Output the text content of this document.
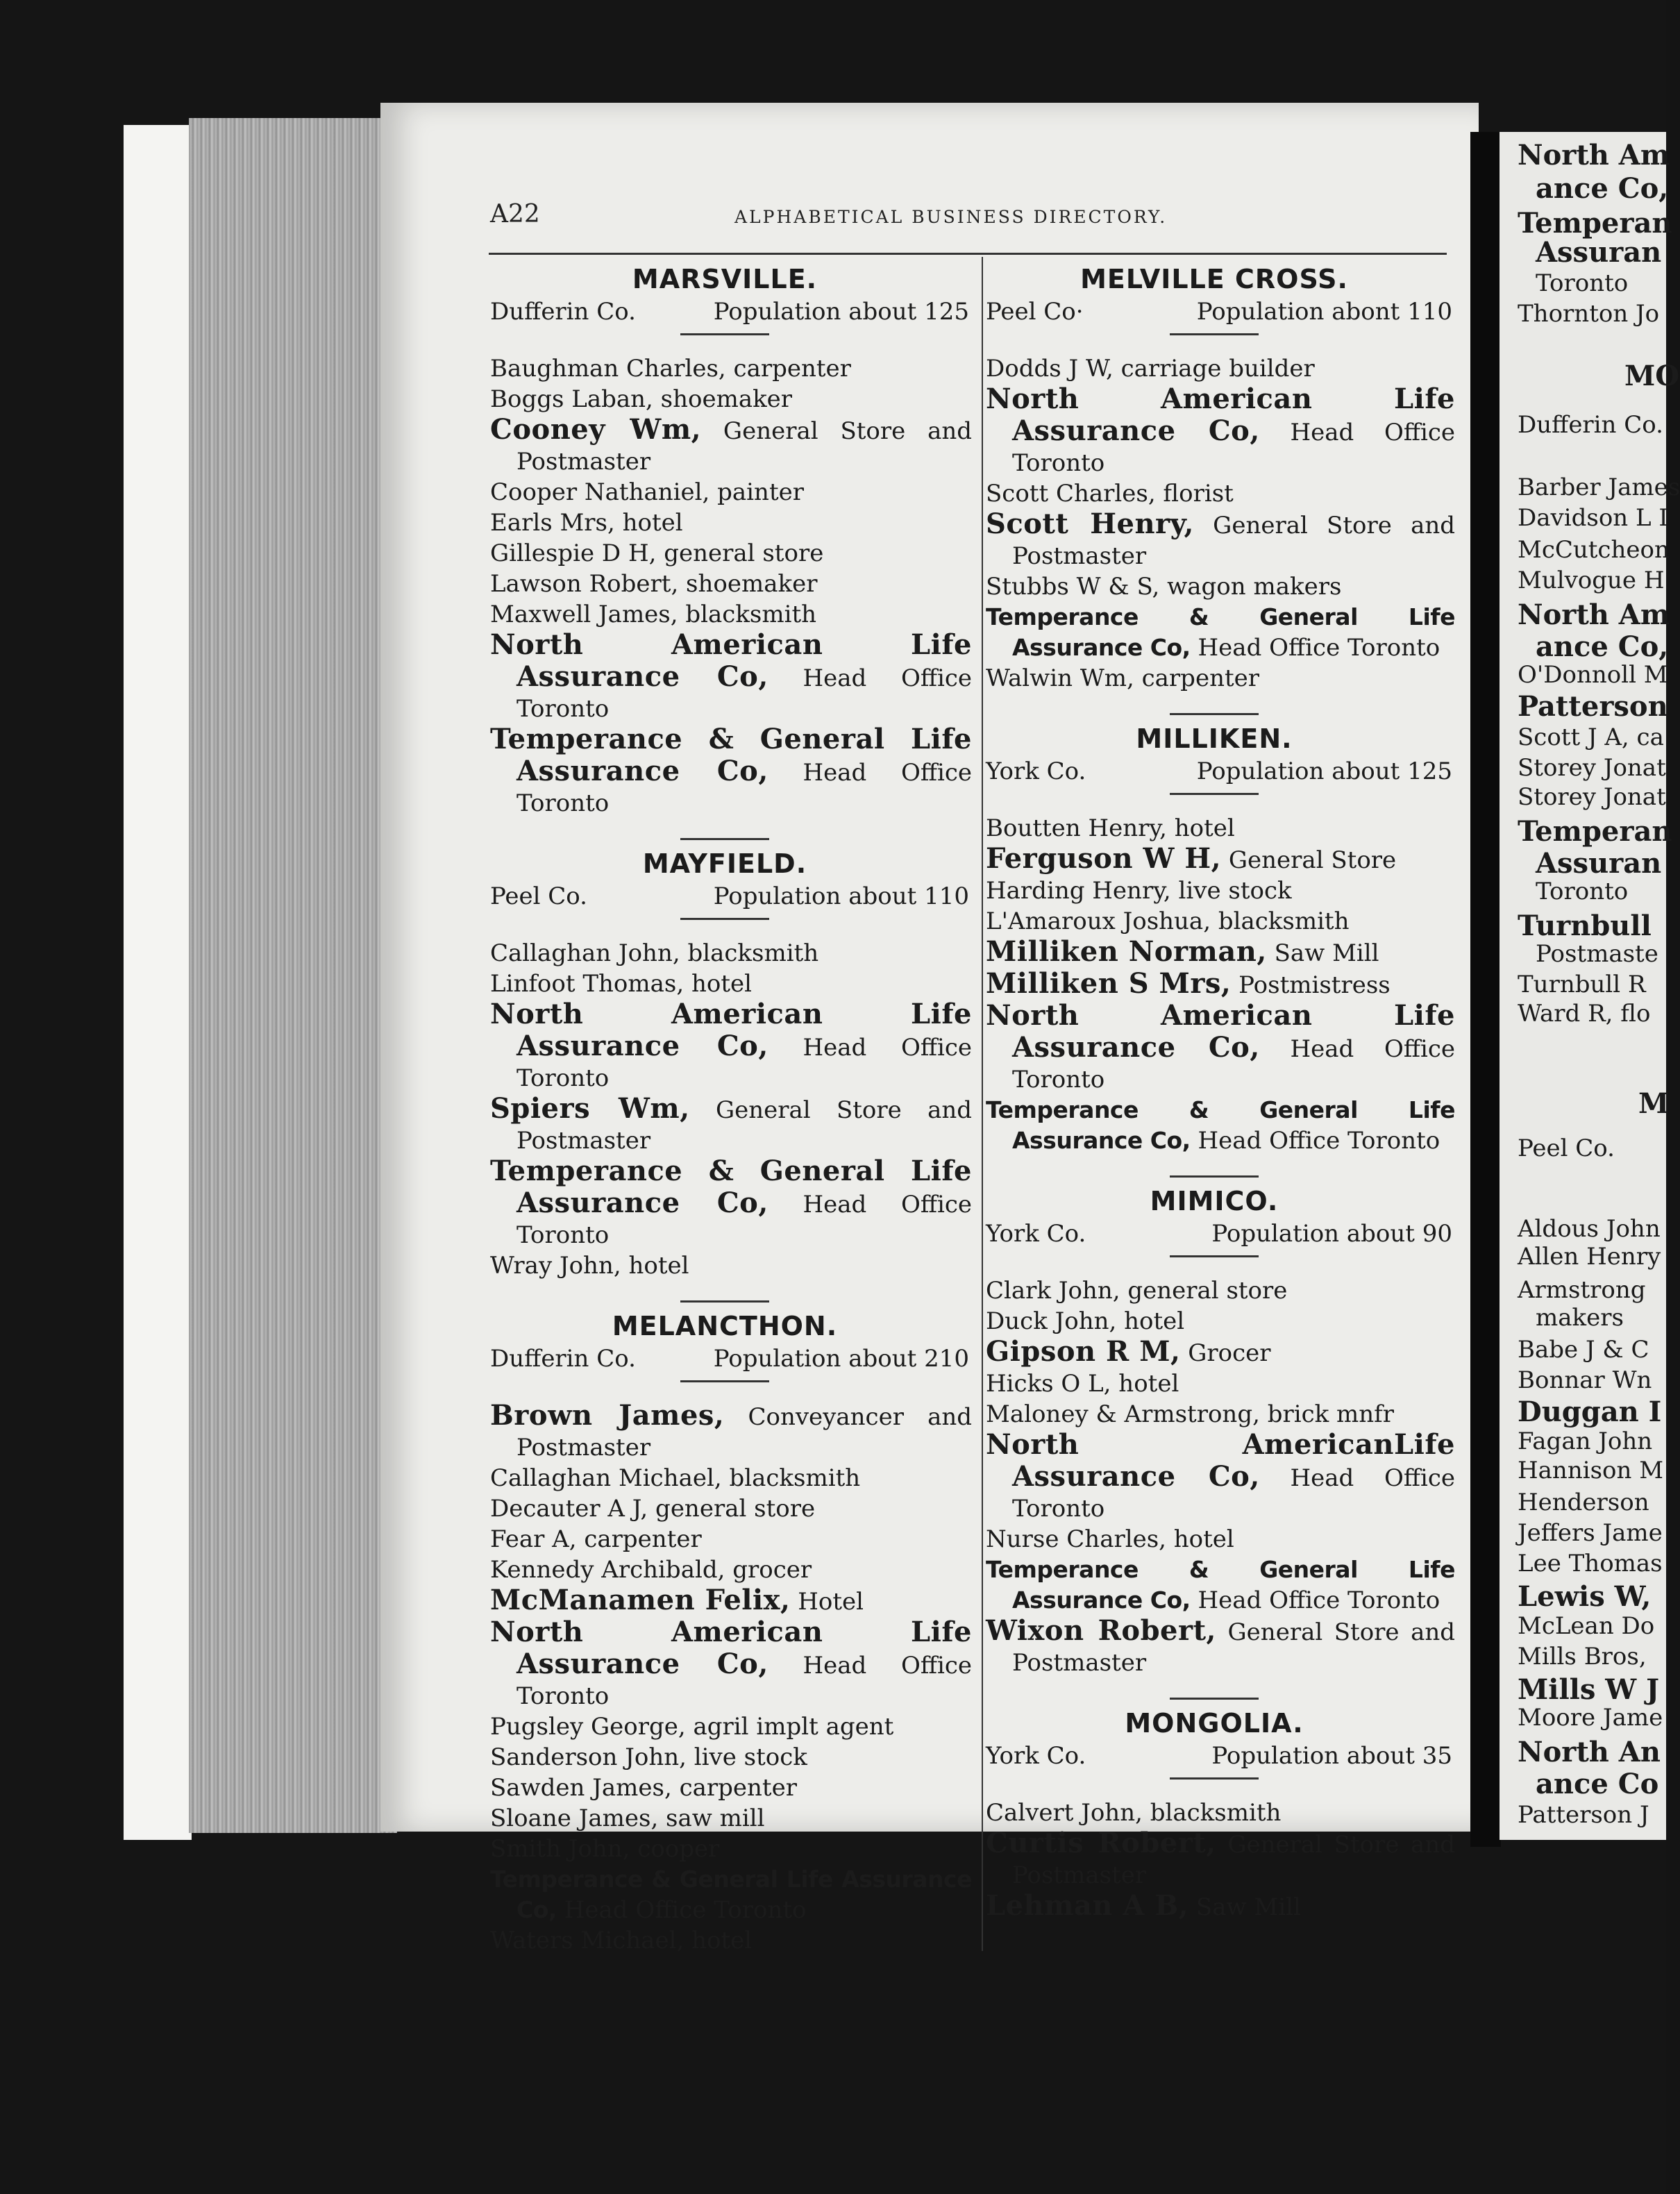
North Am
ance Co,
Temperan
Assuran
Toronto
Thornton Jo
MO
Dufferin Co.
Barber James
Davidson L I
McCutcheon
Mulvogue H
North Am
ance Co,
O'Donnoll M
Patterson
Scott J A, ca
Storey Jonat
Storey Jonat
Temperan
Assuran
Toronto
Turnbull
Postmaste
Turnbull R
Ward R, flo
M
Peel Co.
Aldous John
Allen Henry
Armstrong
makers
Babe J & C
Bonnar Wn
Duggan I
Fagan John
Hannison M
Henderson
Jeffers Jame
Lee Thomas
Lewis W,
McLean Do
Mills Bros,
Mills W J
Moore Jame
North An
ance Co
Patterson J
A22	ALPHABETICAL BUSINESS DIRECTORY.
MARSVILLE.
Dufferin Co.	Population about 125
Baughman Charles, carpenter
Boggs Laban, shoemaker
Cooney Wm, General Store and Postmaster
Cooper Nathaniel, painter
Earls Mrs, hotel
Gillespie D H, general store
Lawson Robert, shoemaker
Maxwell James, blacksmith
North American Life Assurance Co, Head Office Toronto
Temperance & General Life Assurance Co, Head Office Toronto
MAYFIELD.
Peel Co.	Population about 110
Callaghan John, blacksmith
Linfoot Thomas, hotel
North American Life Assurance Co, Head Office Toronto
Spiers Wm, General Store and Postmaster
Temperance & General Life Assurance Co, Head Office Toronto
Wray John, hotel
MELANCTHON.
Dufferin Co.	Population about 210
Brown James, Conveyancer and Postmaster
Callaghan Michael, blacksmith
Decauter A J, general store
Fear A, carpenter
Kennedy Archibald, grocer
McManamen Felix, Hotel
North American Life Assurance Co, Head Office Toronto
Pugsley George, agril implt agent
Sanderson John, live stock
Sawden James, carpenter
Sloane James, saw mill
Smith John, cooper
Temperance & General Life Assurance Co, Head Office Toronto
Waters Michael, hotel
MELVILLE CROSS.
Peel Co·	Population abont 110
Dodds J W, carriage builder
North American Life Assurance Co, Head Office Toronto
Scott Charles, florist
Scott Henry, General Store and Postmaster
Stubbs W & S, wagon makers
Temperance & General Life Assurance Co, Head Office Toronto
Walwin Wm, carpenter
MILLIKEN.
York Co.	Population about 125
Boutten Henry, hotel
Ferguson W H, General Store
Harding Henry, live stock
L'Amaroux Joshua, blacksmith
Milliken Norman, Saw Mill
Milliken S Mrs, Postmistress
North American Life Assurance Co, Head Office Toronto
Temperance & General Life Assurance Co, Head Office Toronto
MIMICO.
York Co.	Population about 90
Clark John, general store
Duck John, hotel
Gipson R M, Grocer
Hicks O L, hotel
Maloney & Armstrong, brick mnfr
North AmericanLife Assurance Co, Head Office Toronto
Nurse Charles, hotel
Temperance & General Life Assurance Co, Head Office Toronto
Wixon Robert, General Store and Postmaster
MONGOLIA.
York Co.	Population about 35
Calvert John, blacksmith
Curtis Robert, General Store and Postmaster
Lehman A B, Saw Mill
